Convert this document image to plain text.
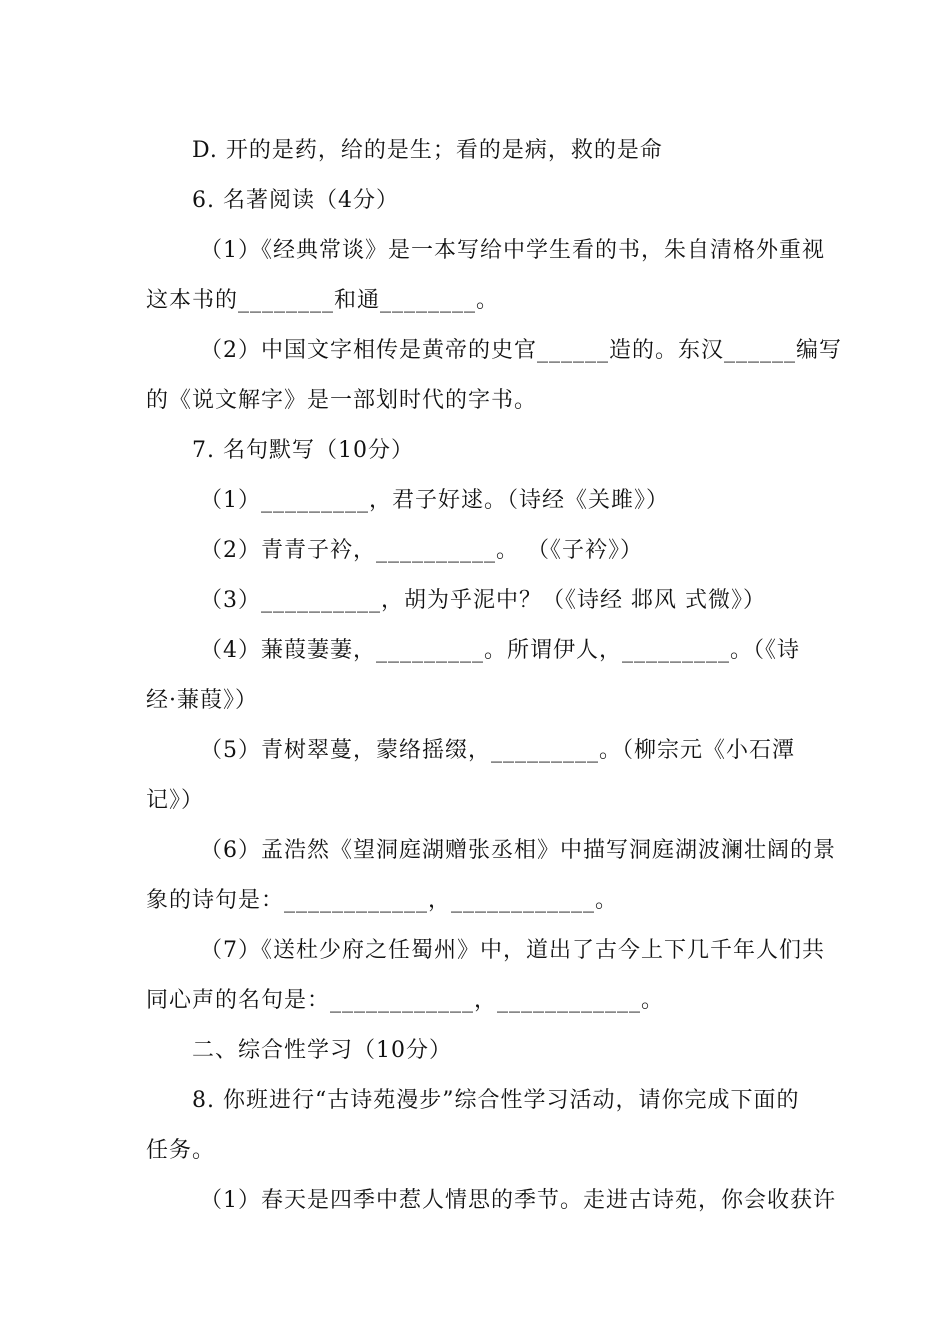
D. 开的是药，给的是生；看的是病，救的是命
6. 名著阅读（4分）
（1）《经典常谈》是一本写给中学生看的书，朱自清格外重视
这本书的________和通________。
（2）中国文字相传是黄帝的史官______造的。东汉______编写
的《说文解字》是一部划时代的字书。
7. 名句默写（10分）
（1）_________，君子好逑。（诗经《关雎》）
（2）青青子衿，__________。 （《子衿》）
（3）__________，胡为乎泥中？（《诗经 邶风 式微》）
（4）蒹葭萋萋，_________。所谓伊人，_________。（《诗
经·蒹葭》）
（5）青树翠蔓，蒙络摇缀，_________。（柳宗元《小石潭
记》）
（6）孟浩然《望洞庭湖赠张丞相》中描写洞庭湖波澜壮阔的景
象的诗句是：____________，____________。
（7）《送杜少府之任蜀州》中，道出了古今上下几千年人们共
同心声的名句是：____________，____________。
二、综合性学习（10分）
8. 你班进行“古诗苑漫步”综合性学习活动，请你完成下面的
任务。
（1）春天是四季中惹人情思的季节。走进古诗苑，你会收获许
